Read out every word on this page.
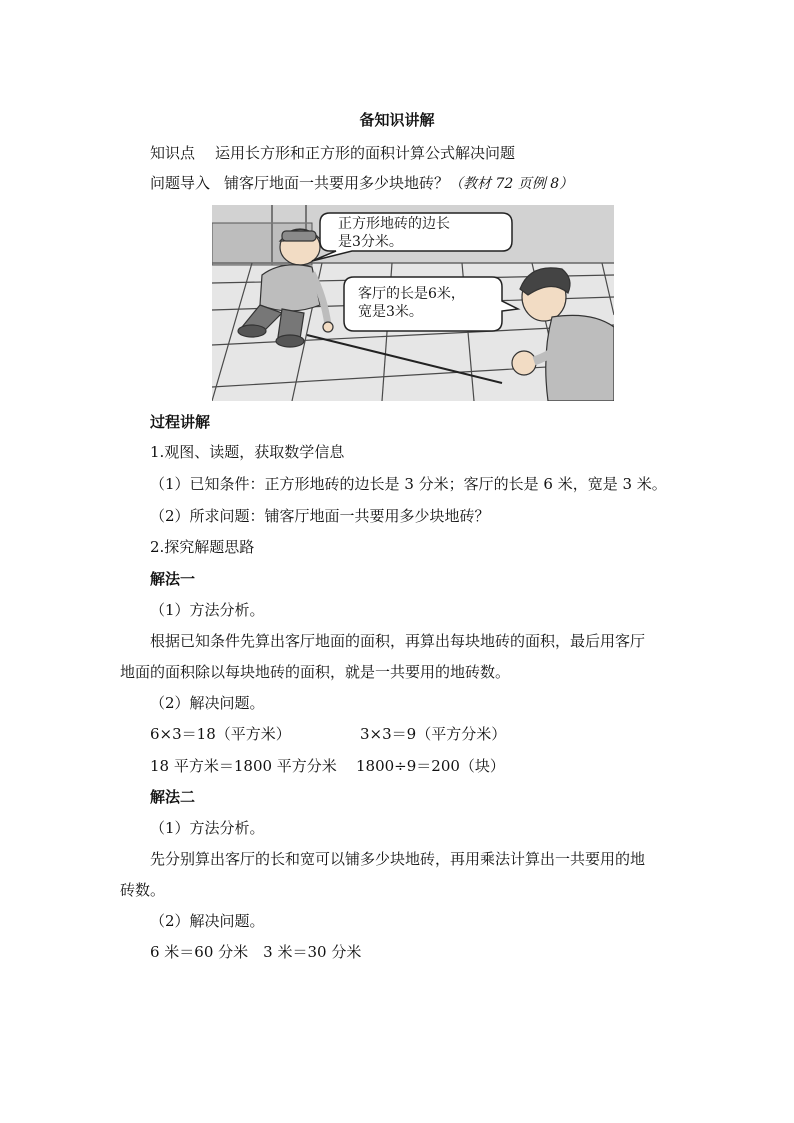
备知识讲解
知识点 运用长方形和正方形的面积计算公式解决问题
问题导入 铺客厅地面一共要用多少块地砖？（教材 72 页例 8）
正方形地砖的边长
是3分米。
客厅的长是6米，
宽是3米。
过程讲解
1.观图、读题，获取数学信息
（1）已知条件：正方形地砖的边长是 3 分米；客厅的长是 6 米，宽是 3 米。
（2）所求问题：铺客厅地面一共要用多少块地砖？
2.探究解题思路
解法一
（1）方法分析。
根据已知条件先算出客厅地面的面积，再算出每块地砖的面积，最后用客厅
地面的面积除以每块地砖的面积，就是一共要用的地砖数。
（2）解决问题。
6×3＝18（平方米）	3×3＝9（平方分米）
18 平方米＝1800 平方分米 1800÷9＝200（块）
解法二
（1）方法分析。
先分别算出客厅的长和宽可以铺多少块地砖，再用乘法计算出一共要用的地
砖数。
（2）解决问题。
6 米＝60 分米　3 米＝30 分米
